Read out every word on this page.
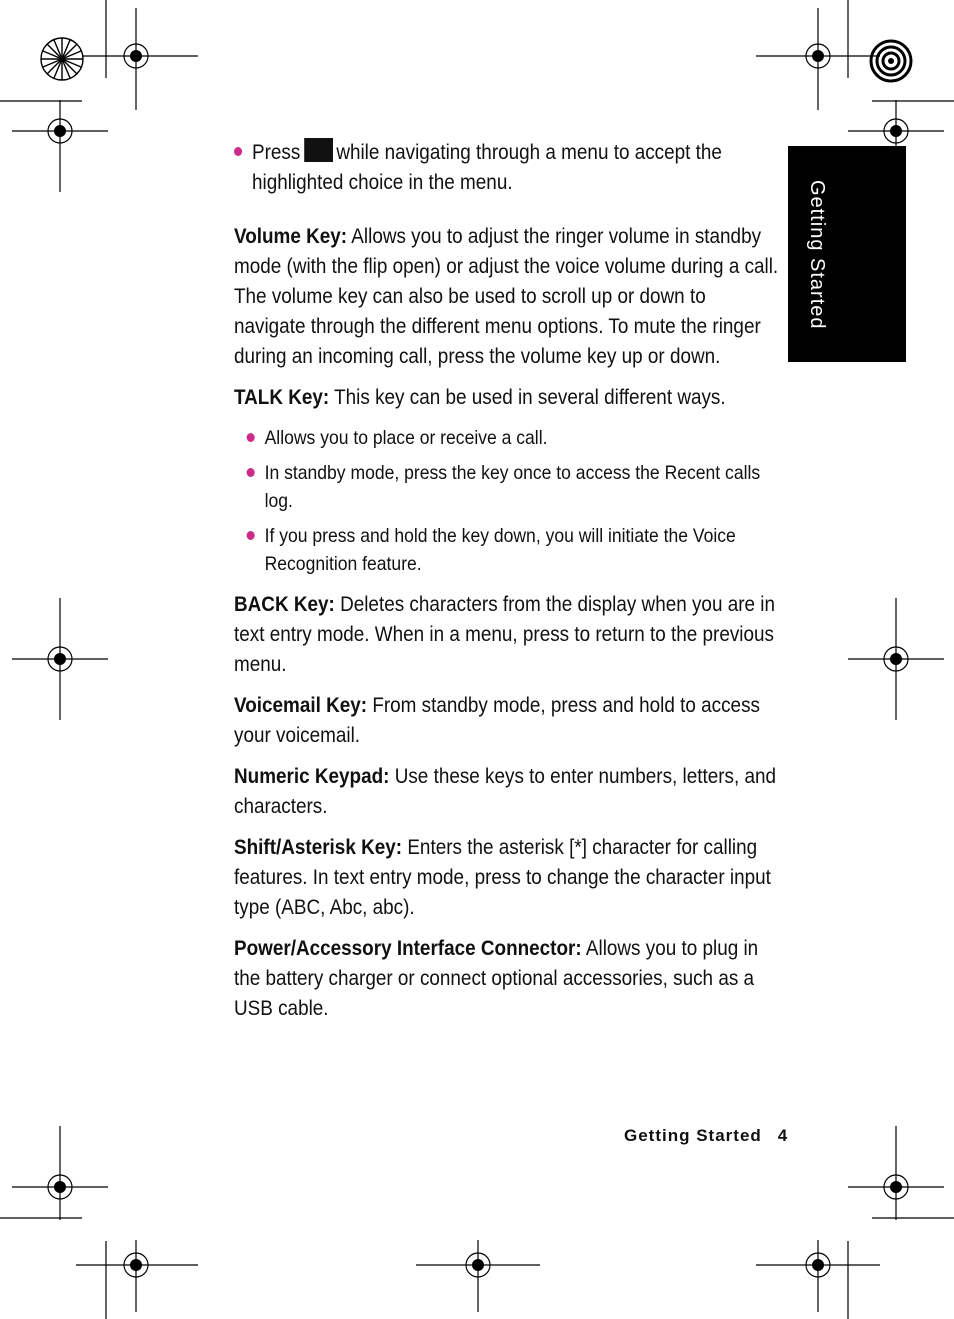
Getting Started
Press while navigating through a menu to accept the highlighted choice in the menu.

Volume Key: Allows you to adjust the ringer volume in standby mode (with the flip open) or adjust the voice volume during a call. The volume key can also be used to scroll up or down to navigate through the different menu options. To mute the ringer during an incoming call, press the volume key up or down.

TALK Key: This key can be used in several different ways.

Allows you to place or receive a call.
In standby mode, press the key once to access the Recent calls log.
If you press and hold the key down, you will initiate the Voice Recognition feature.

BACK Key: Deletes characters from the display when you are in text entry mode. When in a menu, press to return to the previous menu.

Voicemail Key: From standby mode, press and hold to access your voicemail.

Numeric Keypad: Use these keys to enter numbers, letters, and characters.

Shift/Asterisk Key: Enters the asterisk [*] character for calling features. In text entry mode, press to change the character input type (ABC, Abc, abc).

Power/Accessory Interface Connector: Allows you to plug in the battery charger or connect optional accessories, such as a USB cable.

Getting Started 4
